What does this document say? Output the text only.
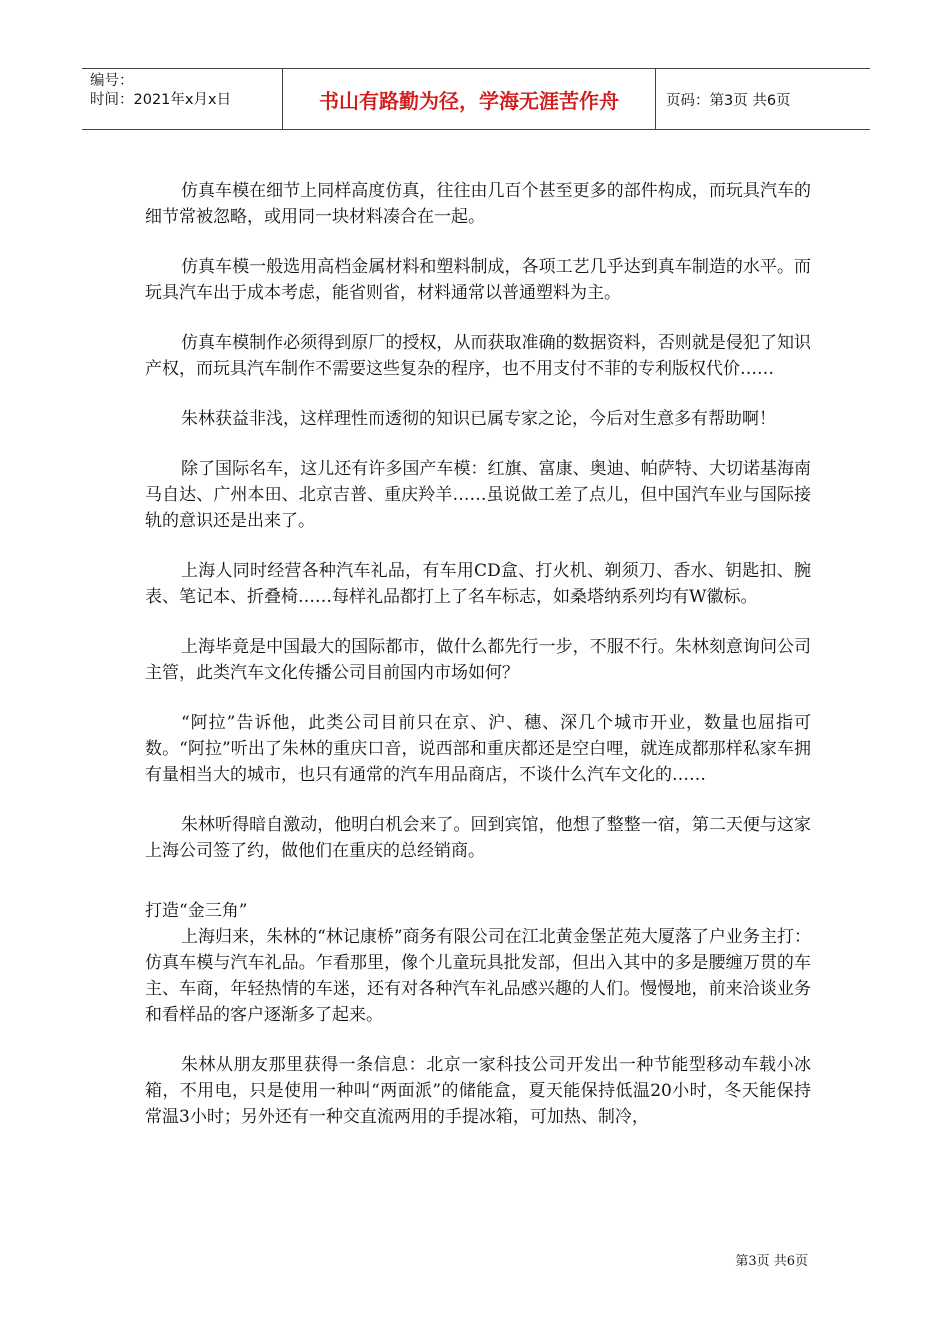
编号：
时间：2021年x月x日	书山有路勤为径，学海无涯苦作舟	页码：第3页 共6页

仿真车模在细节上同样高度仿真，往往由几百个甚至更多的部件构成，而玩具汽车的细节常被忽略，或用同一块材料凑合在一起。

仿真车模一般选用高档金属材料和塑料制成，各项工艺几乎达到真车制造的水平。而玩具汽车出于成本考虑，能省则省，材料通常以普通塑料为主。

仿真车模制作必须得到原厂的授权，从而获取准确的数据资料，否则就是侵犯了知识产权，而玩具汽车制作不需要这些复杂的程序，也不用支付不菲的专利版权代价……

朱林获益非浅，这样理性而透彻的知识已属专家之论，今后对生意多有帮助啊！

除了国际名车，这儿还有许多国产车模：红旗、富康、奥迪、帕萨特、大切诺基海南马自达、广州本田、北京吉普、重庆羚羊……虽说做工差了点儿，但中国汽车业与国际接轨的意识还是出来了。

上海人同时经营各种汽车礼品，有车用CD盒、打火机、剃须刀、香水、钥匙扣、腕表、笔记本、折叠椅……每样礼品都打上了名车标志，如桑塔纳系列均有W徽标。

上海毕竟是中国最大的国际都市，做什么都先行一步，不服不行。朱林刻意询问公司主管，此类汽车文化传播公司目前国内市场如何？

“阿拉”告诉他，此类公司目前只在京、沪、穗、深几个城市开业，数量也屈指可数。“阿拉”听出了朱林的重庆口音，说西部和重庆都还是空白哩，就连成都那样私家车拥有量相当大的城市，也只有通常的汽车用品商店，不谈什么汽车文化的……

朱林听得暗自激动，他明白机会来了。回到宾馆，他想了整整一宿，第二天便与这家上海公司签了约，做他们在重庆的总经销商。

打造“金三角”

上海归来，朱林的“林记康桥”商务有限公司在江北黄金堡芷苑大厦落了户业务主打：仿真车模与汽车礼品。乍看那里，像个儿童玩具批发部，但出入其中的多是腰缠万贯的车主、车商，年轻热情的车迷，还有对各种汽车礼品感兴趣的人们。慢慢地，前来洽谈业务和看样品的客户逐渐多了起来。

朱林从朋友那里获得一条信息：北京一家科技公司开发出一种节能型移动车载小冰箱，不用电，只是使用一种叫“两面派”的储能盒，夏天能保持低温20小时，冬天能保持常温3小时；另外还有一种交直流两用的手提冰箱，可加热、制冷，

第3页 共6页
